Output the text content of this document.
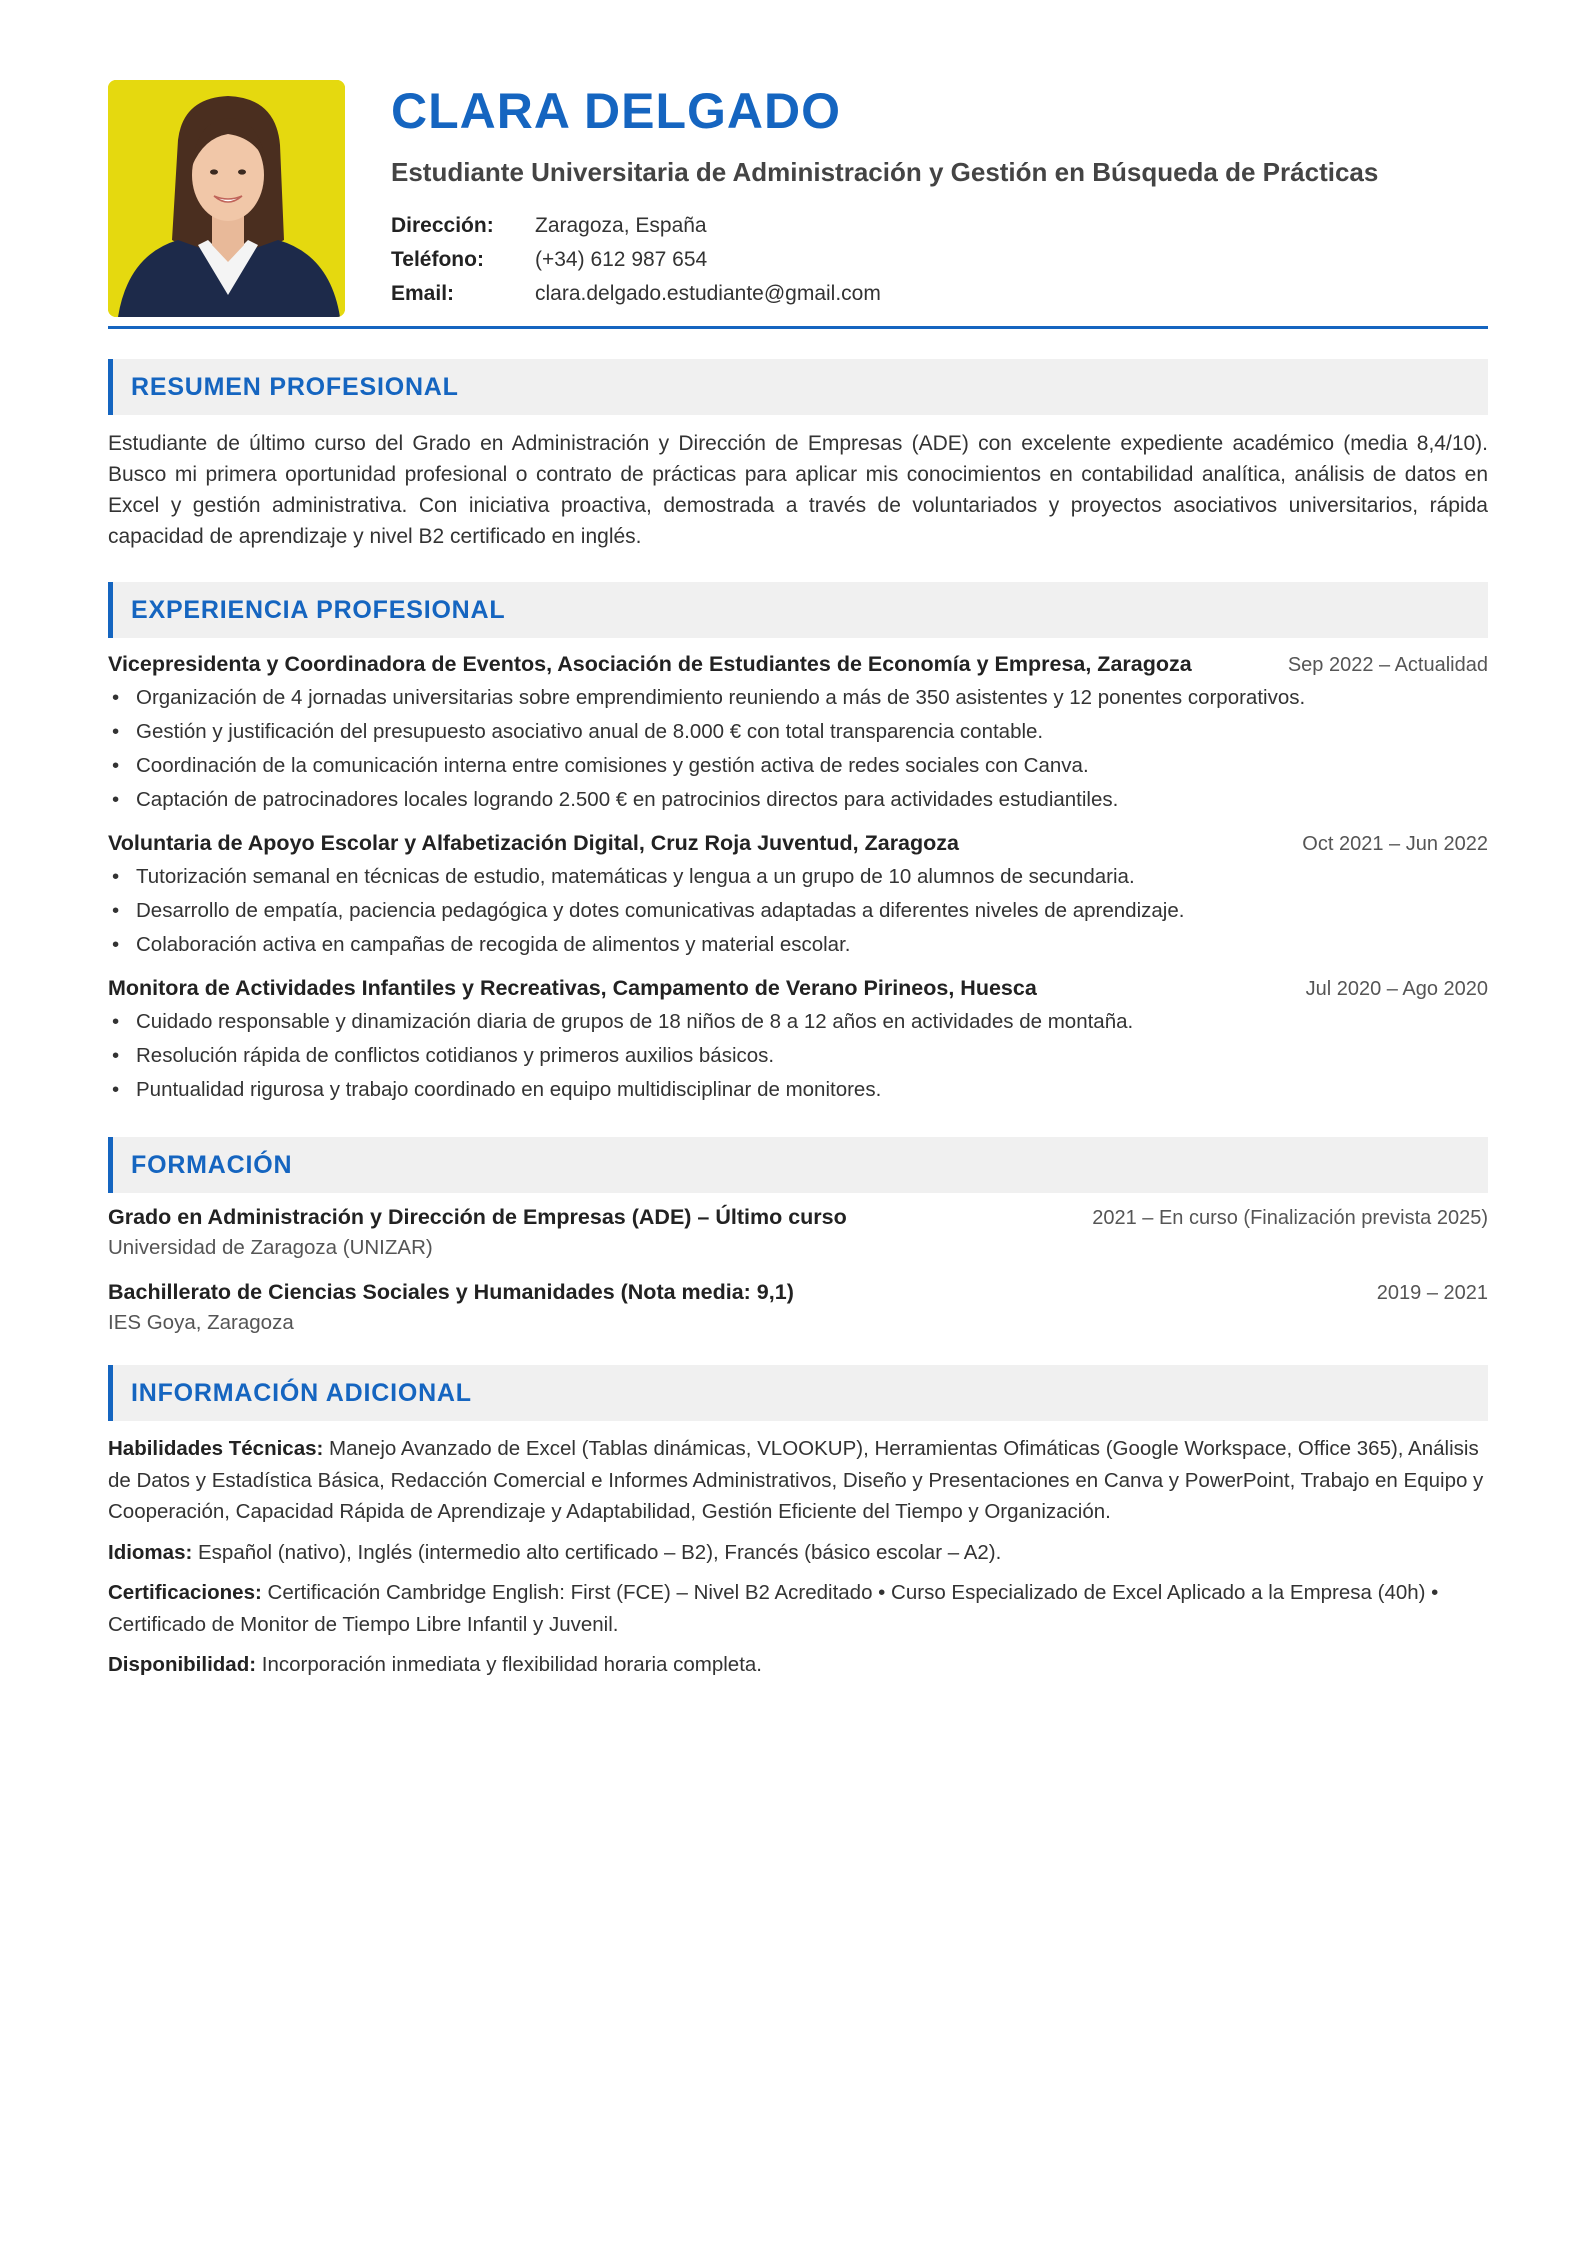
CLARA DELGADO
Estudiante Universitaria de Administración y Gestión en Búsqueda de Prácticas
Dirección:	Zaragoza, España
Teléfono:	(+34) 612 987 654
Email:	clara.delgado.estudiante@gmail.com
RESUMEN PROFESIONAL
Estudiante de último curso del Grado en Administración y Dirección de Empresas (ADE) con excelente expediente académico (media 8,4/10). Busco mi primera oportunidad profesional o contrato de prácticas para aplicar mis conocimientos en contabilidad analítica, análisis de datos en Excel y gestión administrativa. Con iniciativa proactiva, demostrada a través de voluntariados y proyectos asociativos universitarios, rápida capacidad de aprendizaje y nivel B2 certificado en inglés.
EXPERIENCIA PROFESIONAL
Vicepresidenta y Coordinadora de Eventos, Asociación de Estudiantes de Economía y Empresa, Zaragoza	Sep 2022 – Actualidad
• Organización de 4 jornadas universitarias sobre emprendimiento reuniendo a más de 350 asistentes y 12 ponentes corporativos.
• Gestión y justificación del presupuesto asociativo anual de 8.000 € con total transparencia contable.
• Coordinación de la comunicación interna entre comisiones y gestión activa de redes sociales con Canva.
• Captación de patrocinadores locales logrando 2.500 € en patrocinios directos para actividades estudiantiles.
Voluntaria de Apoyo Escolar y Alfabetización Digital, Cruz Roja Juventud, Zaragoza	Oct 2021 – Jun 2022
• Tutorización semanal en técnicas de estudio, matemáticas y lengua a un grupo de 10 alumnos de secundaria.
• Desarrollo de empatía, paciencia pedagógica y dotes comunicativas adaptadas a diferentes niveles de aprendizaje.
• Colaboración activa en campañas de recogida de alimentos y material escolar.
Monitora de Actividades Infantiles y Recreativas, Campamento de Verano Pirineos, Huesca	Jul 2020 – Ago 2020
• Cuidado responsable y dinamización diaria de grupos de 18 niños de 8 a 12 años en actividades de montaña.
• Resolución rápida de conflictos cotidianos y primeros auxilios básicos.
• Puntualidad rigurosa y trabajo coordinado en equipo multidisciplinar de monitores.
FORMACIÓN
Grado en Administración y Dirección de Empresas (ADE) – Último curso	2021 – En curso (Finalización prevista 2025)
Universidad de Zaragoza (UNIZAR)
Bachillerato de Ciencias Sociales y Humanidades (Nota media: 9,1)	2019 – 2021
IES Goya, Zaragoza
INFORMACIÓN ADICIONAL

Habilidades Técnicas: Manejo Avanzado de Excel (Tablas dinámicas, VLOOKUP), Herramientas Ofimáticas (Google Workspace, Office 365), Análisis de Datos y Estadística Básica, Redacción Comercial e Informes Administrativos, Diseño y Presentaciones en Canva y PowerPoint, Trabajo en Equipo y Cooperación, Capacidad Rápida de Aprendizaje y Adaptabilidad, Gestión Eficiente del Tiempo y Organización.

Idiomas: Español (nativo), Inglés (intermedio alto certificado – B2), Francés (básico escolar – A2).

Certificaciones: Certificación Cambridge English: First (FCE) – Nivel B2 Acreditado • Curso Especializado de Excel Aplicado a la Empresa (40h) • Certificado de Monitor de Tiempo Libre Infantil y Juvenil.

Disponibilidad: Incorporación inmediata y flexibilidad horaria completa.
